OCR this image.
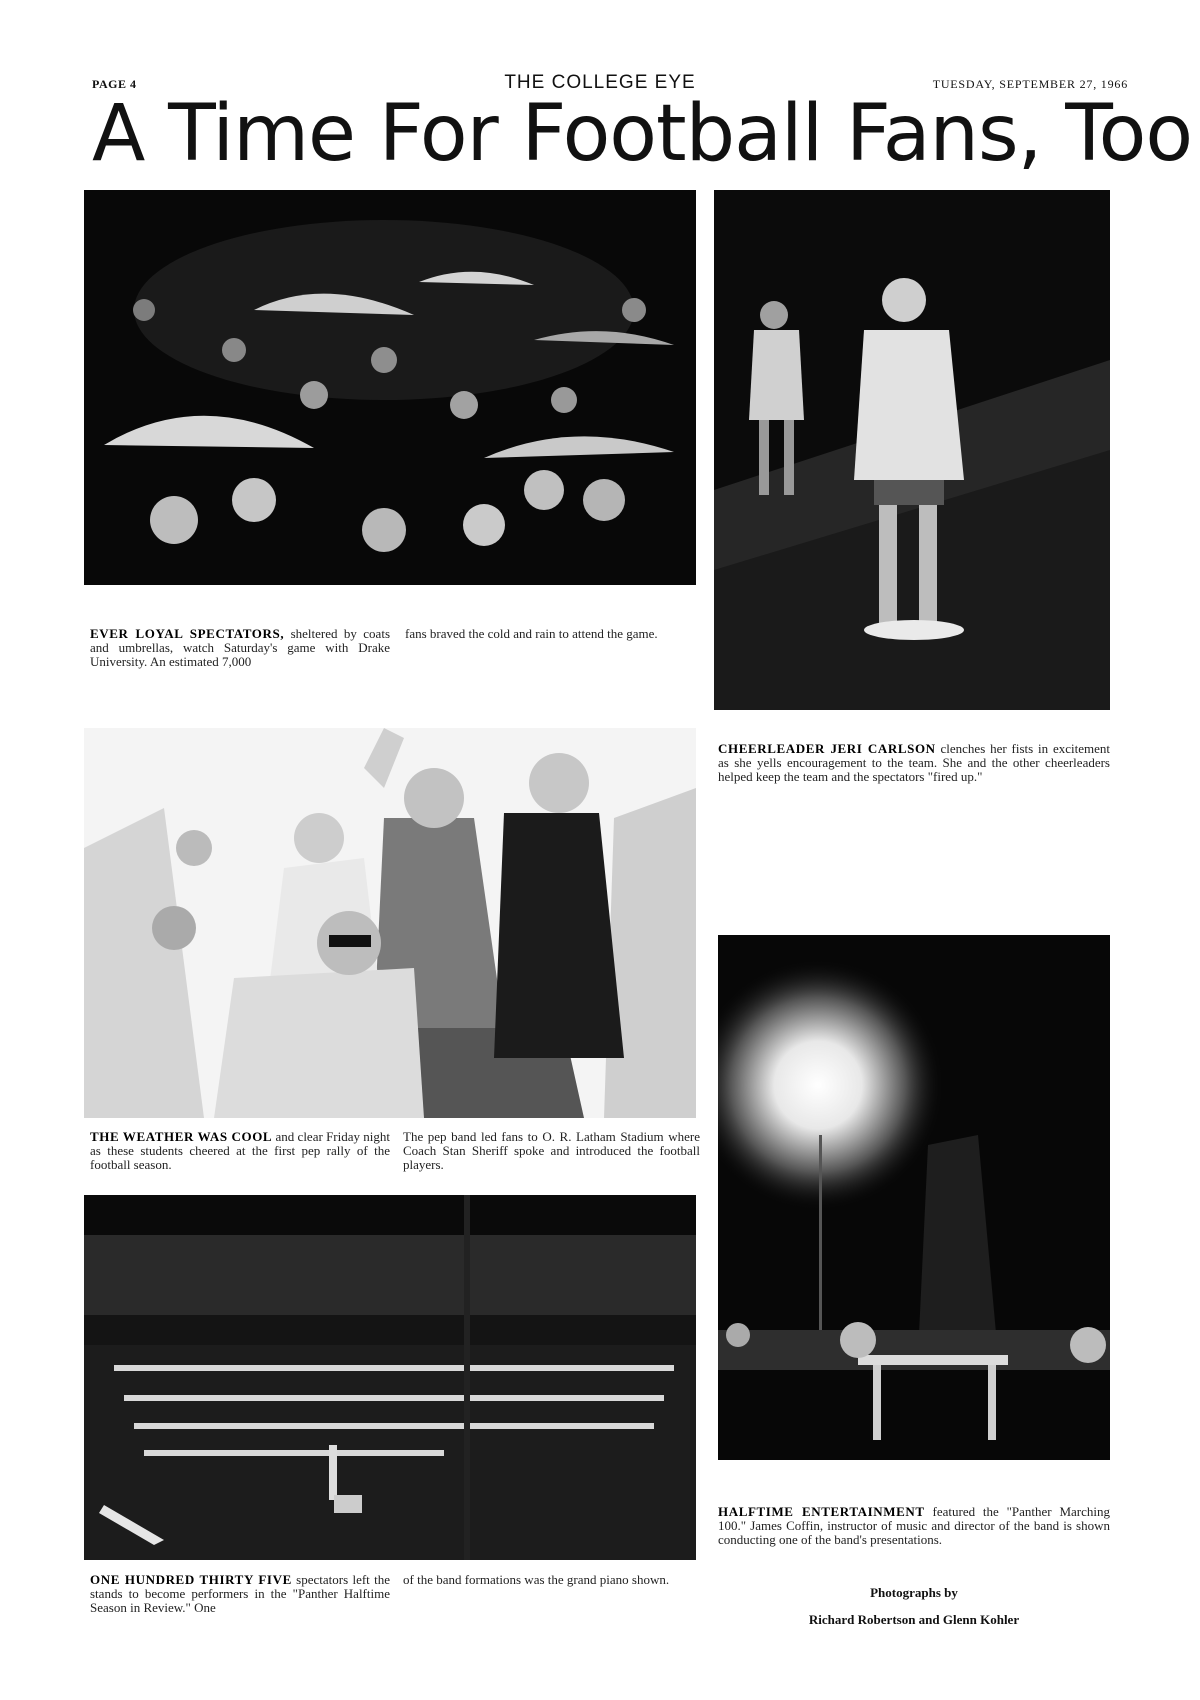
PAGE 4	THE COLLEGE EYE	TUESDAY, SEPTEMBER 27, 1966
A Time For Football Fans, Too
EVER LOYAL SPECTATORS, sheltered by coats and umbrellas, watch Saturday's game with Drake University. An estimated 7,000
fans braved the cold and rain to attend the game.
CHEERLEADER JERI CARLSON clenches her fists in excitement as she yells encouragement to the team. She and the other cheerleaders helped keep the team and the spectators "fired up."
THE WEATHER WAS COOL and clear Friday night as these students cheered at the first pep rally of the football season.
The pep band led fans to O. R. Latham Stadium where Coach Stan Sheriff spoke and introduced the football players.
ONE HUNDRED THIRTY FIVE spectators left the stands to become performers in the "Panther Halftime Season in Review." One
of the band formations was the grand piano shown.
HALFTIME ENTERTAINMENT featured the "Panther Marching 100." James Coffin, instructor of music and director of the band is shown conducting one of the band's presentations.
Photographs by
Richard Robertson and Glenn Kohler
